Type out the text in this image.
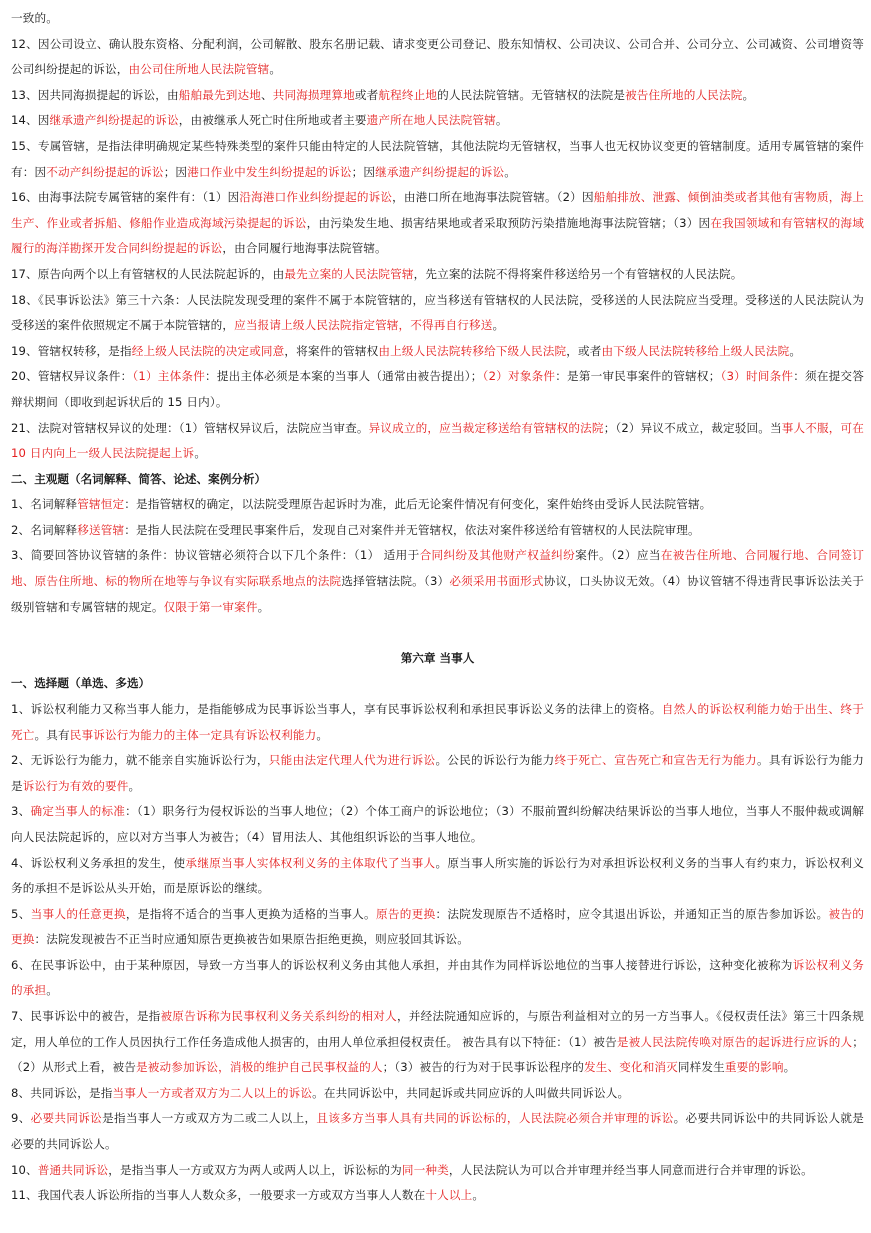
一致的。

12、因公司设立、确认股东资格、分配利润，公司解散、股东名册记载、请求变更公司登记、股东知情权、公司决议、公司合并、公司分立、公司减资、公司增资等公司纠纷提起的诉讼，由公司住所地人民法院管辖。

13、因共同海损提起的诉讼，由船舶最先到达地、共同海损理算地或者航程终止地的人民法院管辖。无管辖权的法院是被告住所地的人民法院。

14、因继承遗产纠纷提起的诉讼，由被继承人死亡时住所地或者主要遗产所在地人民法院管辖。

15、专属管辖，是指法律明确规定某些特殊类型的案件只能由特定的人民法院管辖，其他法院均无管辖权，当事人也无权协议变更的管辖制度。适用专属管辖的案件有：因不动产纠纷提起的诉讼；因港口作业中发生纠纷提起的诉讼；因继承遗产纠纷提起的诉讼。

16、由海事法院专属管辖的案件有：（1）因沿海港口作业纠纷提起的诉讼，由港口所在地海事法院管辖。（2）因船舶排放、泄露、倾倒油类或者其他有害物质，海上生产、作业或者拆船、修船作业造成海域污染提起的诉讼，由污染发生地、损害结果地或者采取预防污染措施地海事法院管辖；（3）因在我国领域和有管辖权的海域履行的海洋勘探开发合同纠纷提起的诉讼，由合同履行地海事法院管辖。

17、原告向两个以上有管辖权的人民法院起诉的，由最先立案的人民法院管辖，先立案的法院不得将案件移送给另一个有管辖权的人民法院。

18、《民事诉讼法》第三十六条：人民法院发现受理的案件不属于本院管辖的，应当移送有管辖权的人民法院，受移送的人民法院应当受理。受移送的人民法院认为受移送的案件依照规定不属于本院管辖的，应当报请上级人民法院指定管辖，不得再自行移送。

19、管辖权转移，是指经上级人民法院的决定或同意，将案件的管辖权由上级人民法院转移给下级人民法院，或者由下级人民法院转移给上级人民法院。

20、管辖权异议条件：（1）主体条件：提出主体必须是本案的当事人（通常由被告提出）；（2）对象条件：是第一审民事案件的管辖权；（3）时间条件：须在提交答辩状期间（即收到起诉状后的 15 日内）。

21、法院对管辖权异议的处理：（1）管辖权异议后，法院应当审查。异议成立的，应当裁定移送给有管辖权的法院；（2）异议不成立，裁定驳回。当事人不服，可在 10 日内向上一级人民法院提起上诉。

二、主观题（名词解释、简答、论述、案例分析）

1、名词解释管辖恒定：是指管辖权的确定，以法院受理原告起诉时为准，此后无论案件情况有何变化，案件始终由受诉人民法院管辖。

2、名词解释移送管辖：是指人民法院在受理民事案件后，发现自己对案件并无管辖权，依法对案件移送给有管辖权的人民法院审理。

3、简要回答协议管辖的条件：协议管辖必须符合以下几个条件：（1） 适用于合同纠纷及其他财产权益纠纷案件。（2）应当在被告住所地、合同履行地、合同签订地、原告住所地、标的物所在地等与争议有实际联系地点的法院选择管辖法院。（3）必须采用书面形式协议，口头协议无效。（4）协议管辖不得违背民事诉讼法关于级别管辖和专属管辖的规定。仅限于第一审案件。

第六章 当事人
一、选择题（单选、多选）

1、诉讼权利能力又称当事人能力，是指能够成为民事诉讼当事人，享有民事诉讼权利和承担民事诉讼义务的法律上的资格。自然人的诉讼权利能力始于出生、终于死亡。具有民事诉讼行为能力的主体一定具有诉讼权利能力。

2、无诉讼行为能力，就不能亲自实施诉讼行为，只能由法定代理人代为进行诉讼。公民的诉讼行为能力终于死亡、宣告死亡和宣告无行为能力。具有诉讼行为能力是诉讼行为有效的要件。

3、确定当事人的标准：（1）职务行为侵权诉讼的当事人地位；（2）个体工商户的诉讼地位；（3）不服前置纠纷解决结果诉讼的当事人地位，当事人不服仲裁或调解向人民法院起诉的，应以对方当事人为被告；（4）冒用法人、其他组织诉讼的当事人地位。

4、诉讼权利义务承担的发生，使承继原当事人实体权利义务的主体取代了当事人。原当事人所实施的诉讼行为对承担诉讼权利义务的当事人有约束力，诉讼权利义务的承担不是诉讼从头开始，而是原诉讼的继续。

5、当事人的任意更换，是指将不适合的当事人更换为适格的当事人。原告的更换：法院发现原告不适格时，应令其退出诉讼，并通知正当的原告参加诉讼。被告的更换：法院发现被告不正当时应通知原告更换被告如果原告拒绝更换，则应驳回其诉讼。

6、在民事诉讼中，由于某种原因，导致一方当事人的诉讼权利义务由其他人承担，并由其作为同样诉讼地位的当事人接替进行诉讼，这种变化被称为诉讼权利义务的承担。

7、民事诉讼中的被告，是指被原告诉称为民事权利义务关系纠纷的相对人，并经法院通知应诉的，与原告利益相对立的另一方当事人。《侵权责任法》第三十四条规定，用人单位的工作人员因执行工作任务造成他人损害的，由用人单位承担侵权责任。 被告具有以下特征：（1）被告是被人民法院传唤对原告的起诉进行应诉的人；（2）从形式上看，被告是被动参加诉讼，消极的维护自己民事权益的人；（3）被告的行为对于民事诉讼程序的发生、变化和消灭同样发生重要的影响。

8、共同诉讼，是指当事人一方或者双方为二人以上的诉讼。在共同诉讼中，共同起诉或共同应诉的人叫做共同诉讼人。

9、必要共同诉讼是指当事人一方或双方为二或二人以上，且该多方当事人具有共同的诉讼标的，人民法院必须合并审理的诉讼。必要共同诉讼中的共同诉讼人就是必要的共同诉讼人。

10、普通共同诉讼，是指当事人一方或双方为两人或两人以上，诉讼标的为同一种类，人民法院认为可以合并审理并经当事人同意而进行合并审理的诉讼。

11、我国代表人诉讼所指的当事人人数众多，一般要求一方或双方当事人人数在十人以上。
